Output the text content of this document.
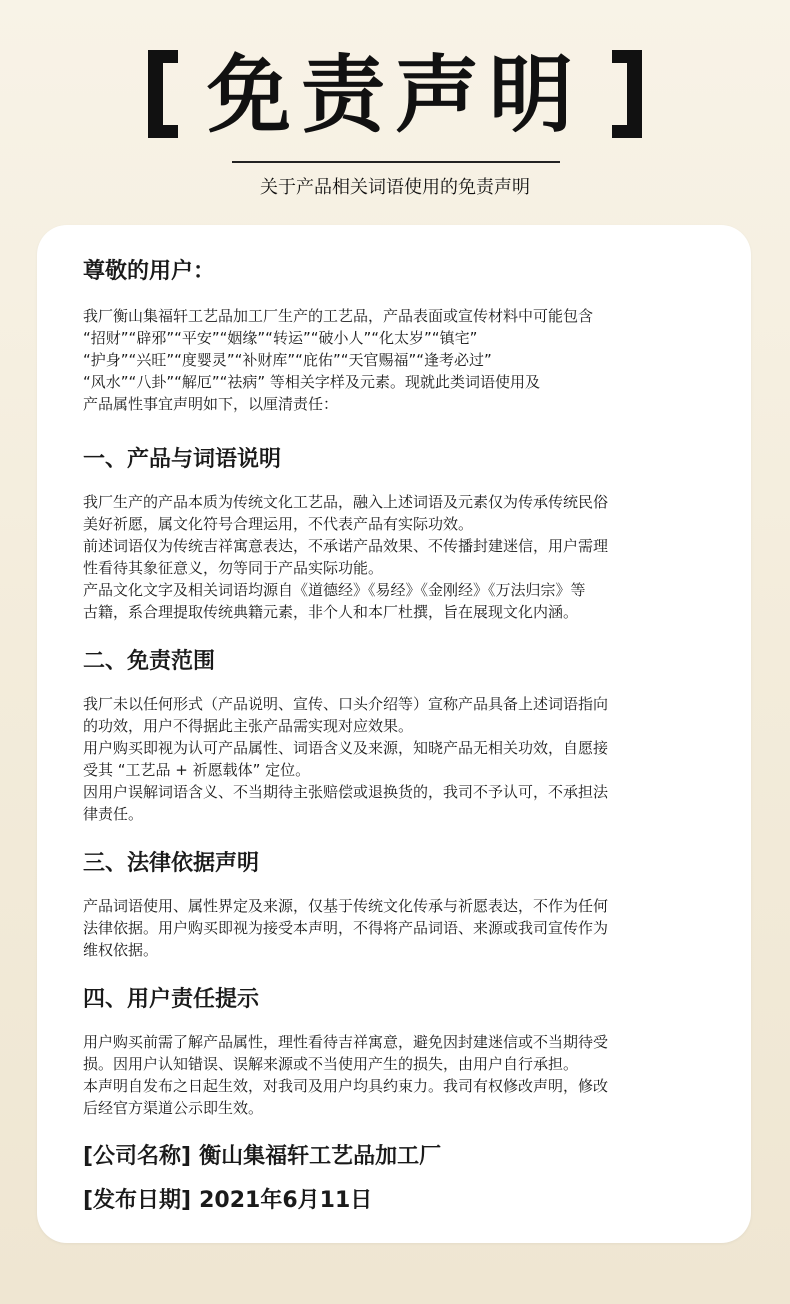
免责声明
关于产品相关词语使用的免责声明
尊敬的用户：
我厂衡山集福轩工艺品加工厂生产的工艺品，产品表面或宣传材料中可能包含
“招财”“辟邪”“平安”“姻缘”“转运”“破小人”“化太岁”“镇宅”
“护身”“兴旺”“度婴灵”“补财库”“庇佑”“天官赐福”“逢考必过”
“风水”“八卦”“解厄”“祛病” 等相关字样及元素。现就此类词语使用及
产品属性事宜声明如下，以厘清责任：
一、产品与词语说明
我厂生产的产品本质为传统文化工艺品，融入上述词语及元素仅为传承传统民俗
美好祈愿，属文化符号合理运用，不代表产品有实际功效。
前述词语仅为传统吉祥寓意表达，不承诺产品效果、不传播封建迷信，用户需理
性看待其象征意义，勿等同于产品实际功能。
产品文化文字及相关词语均源自《道德经》《易经》《金刚经》《万法归宗》等
古籍，系合理提取传统典籍元素，非个人和本厂杜撰，旨在展现文化内涵。
二、免责范围
我厂未以任何形式（产品说明、宣传、口头介绍等）宣称产品具备上述词语指向
的功效，用户不得据此主张产品需实现对应效果。
用户购买即视为认可产品属性、词语含义及来源，知晓产品无相关功效，自愿接
受其 “工艺品 + 祈愿载体” 定位。
因用户误解词语含义、不当期待主张赔偿或退换货的，我司不予认可，不承担法
律责任。
三、法律依据声明
产品词语使用、属性界定及来源，仅基于传统文化传承与祈愿表达，不作为任何
法律依据。用户购买即视为接受本声明，不得将产品词语、来源或我司宣传作为
维权依据。
四、用户责任提示
用户购买前需了解产品属性，理性看待吉祥寓意，避免因封建迷信或不当期待受
损。因用户认知错误、误解来源或不当使用产生的损失，由用户自行承担。
本声明自发布之日起生效，对我司及用户均具约束力。我司有权修改声明，修改
后经官方渠道公示即生效。
[公司名称] 衡山集福轩工艺品加工厂
[发布日期] 2021年6月11日
